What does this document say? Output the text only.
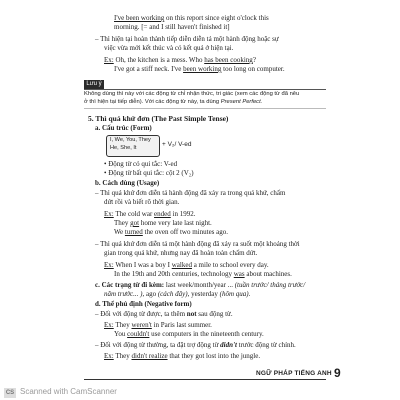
I've been working on this report since eight o'clock this
morning. [= and I still haven't finished it]
– Thì hiện tại hoàn thành tiếp diễn diễn tả một hành động hoặc sự
việc vừa mới kết thúc và có kết quả ở hiện tại.
Ex: Oh, the kitchen is a mess. Who has been cooking?
I've got a stiff neck. I've been working too long on computer.
Lưu ý
Không dùng thì này với các động từ chỉ nhận thức, tri giác (xem các động từ đã nêu
ở thì hiện tại tiếp diễn). Với các động từ này, ta dùng Present Perfect.
5. Thì quá khứ đơn (The Past Simple Tense)
a. Cấu trúc (Form)
I, We, You, They
He, She, It	+ V₂/ V-ed
• Động từ có qui tắc: V-ed
• Động từ bất qui tắc: cột 2 (V₂)
b. Cách dùng (Usage)
– Thì quá khứ đơn diễn tả hành động đã xảy ra trong quá khứ, chấm
dứt rồi và biết rõ thời gian.
Ex: The cold war ended in 1992.
They got home very late last night.
We turned the oven off two minutes ago.
– Thì quá khứ đơn diễn tả một hành động đã xảy ra suốt một khoảng thời
gian trong quá khứ, nhưng nay đã hoàn toàn chấm dứt.
Ex: When I was a boy I walked a mile to school every day.
In the 19th and 20th centuries, technology was about machines.
c. Các trạng từ đi kèm: last week/month/year ... (tuần trước/ tháng trước/
năm trước... ), ago (cách đây), yesterday (hôm qua).
d. Thể phủ định (Negative form)
– Đối với động từ được, ta thêm not sau động từ.
Ex: They weren't in Paris last summer.
You couldn't use computers in the nineteenth century.
– Đối với động từ thường, ta đặt trợ động từ didn't trước động từ chính.
Ex: They didn't realize that they got lost into the jungle.
NGỮ PHÁP TIẾNG ANH 9
CS Scanned with CamScanner
